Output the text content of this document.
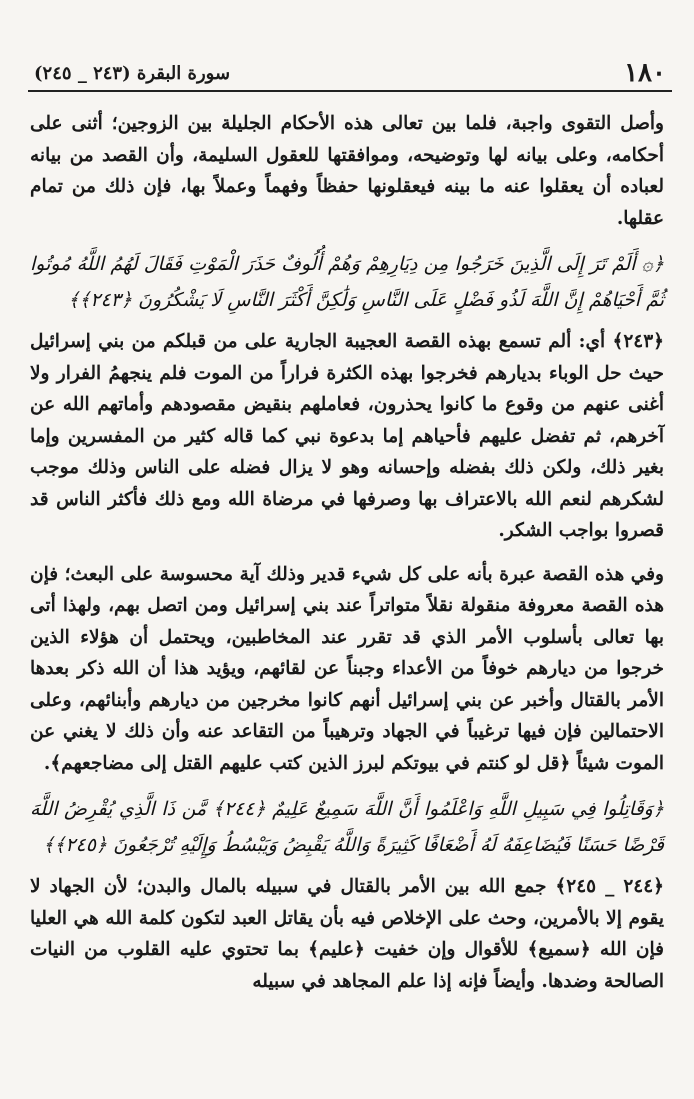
١٨٠
سورة البقرة (٢٤٣ _ ٢٤٥)

وأصل التقوى واجبة، فلما بين تعالى هذه الأحكام الجليلة بين الزوجين؛ أثنى على أحكامه، وعلى بيانه لها وتوضيحه، وموافقتها للعقول السليمة، وأن القصد من بيانه لعباده أن يعقلوا عنه ما بينه فيعقلونها حفظاً وفهماً وعملاً بها، فإن ذلك من تمام عقلها.

﴿۞ أَلَمْ تَرَ إِلَى الَّذِينَ خَرَجُوا مِن دِيَارِهِمْ وَهُمْ أُلُوفٌ حَذَرَ الْمَوْتِ فَقَالَ لَهُمُ اللَّهُ مُوتُوا ثُمَّ أَحْيَاهُمْ إِنَّ اللَّهَ لَذُو فَضْلٍ عَلَى النَّاسِ وَلَٰكِنَّ أَكْثَرَ النَّاسِ لَا يَشْكُرُونَ ﴿٢٤٣﴾﴾

﴿٢٤٣﴾ أي: ألم تسمع بهذه القصة العجيبة الجارية على من قبلكم من بني إسرائيل حيث حل الوباء بديارهم فخرجوا بهذه الكثرة فراراً من الموت فلم ينجهمُ الفرار ولا أغنى عنهم من وقوع ما كانوا يحذرون، فعاملهم بنقيض مقصودهم وأماتهم الله عن آخرهم، ثم تفضل عليهم فأحياهم إما بدعوة نبي كما قاله كثير من المفسرين وإما بغير ذلك، ولكن ذلك بفضله وإحسانه وهو لا يزال فضله على الناس وذلك موجب لشكرهم لنعم الله بالاعتراف بها وصرفها في مرضاة الله ومع ذلك فأكثر الناس قد قصروا بواجب الشكر.

وفي هذه القصة عبرة بأنه على كل شيء قدير وذلك آية محسوسة على البعث؛ فإن هذه القصة معروفة منقولة نقلاً متواتراً عند بني إسرائيل ومن اتصل بهم، ولهذا أتى بها تعالى بأسلوب الأمر الذي قد تقرر عند المخاطبين، ويحتمل أن هؤلاء الذين خرجوا من ديارهم خوفاً من الأعداء وجبناً عن لقائهم، ويؤيد هذا أن الله ذكر بعدها الأمر بالقتال وأخبر عن بني إسرائيل أنهم كانوا مخرجين من ديارهم وأبنائهم، وعلى الاحتمالين فإن فيها ترغيباً في الجهاد وترهيباً من التقاعد عنه وأن ذلك لا يغني عن الموت شيئاً ﴿قل لو كنتم في بيوتكم لبرز الذين كتب عليهم القتل إلى مضاجعهم﴾.

﴿وَقَاتِلُوا فِي سَبِيلِ اللَّهِ وَاعْلَمُوا أَنَّ اللَّهَ سَمِيعٌ عَلِيمٌ ﴿٢٤٤﴾ مَّن ذَا الَّذِي يُقْرِضُ اللَّهَ قَرْضًا حَسَنًا فَيُضَاعِفَهُ لَهُ أَضْعَافًا كَثِيرَةً وَاللَّهُ يَقْبِضُ وَيَبْسُطُ وَإِلَيْهِ تُرْجَعُونَ ﴿٢٤٥﴾﴾

﴿٢٤٤ _ ٢٤٥﴾ جمع الله بين الأمر بالقتال في سبيله بالمال والبدن؛ لأن الجهاد لا يقوم إلا بالأمرين، وحث على الإخلاص فيه بأن يقاتل العبد لتكون كلمة الله هي العليا فإن الله ﴿سميع﴾ للأقوال وإن خفيت ﴿عليم﴾ بما تحتوي عليه القلوب من النيات الصالحة وضدها. وأيضاً فإنه إذا علم المجاهد في سبيله
